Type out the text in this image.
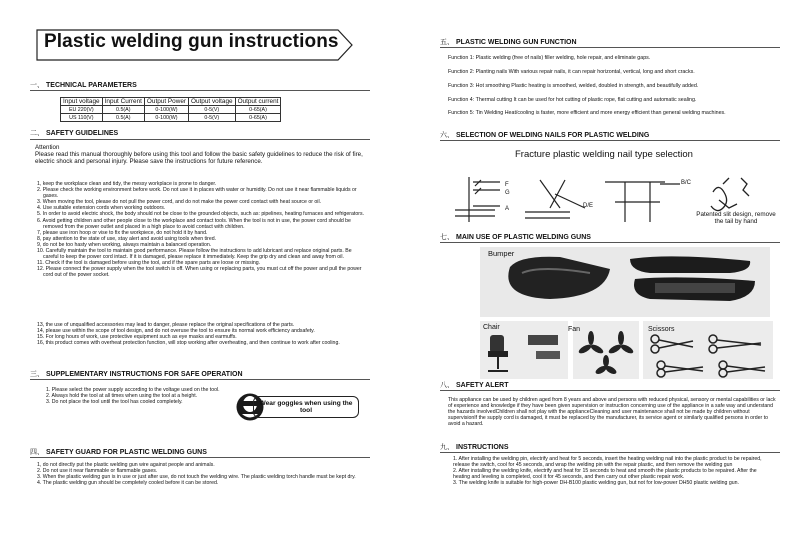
Plastic welding gun instructions
一、 TECHNICAL PARAMETERS
Input voltage	Input Current	Output Power	Output voltage	Output current
EU 220(V)	0.5(A)	0-100(W)	0-5(V)	0-65(A)
US 110(V)	0.5(A)	0-100(W)	0-5(V)	0-65(A)
二、 SAFETY GUIDELINES
Attention
Please read this manual thoroughly before using this tool and follow the basic safety guidelines to reduce the risk of fire, electric shock and personal injury. Please save the instructions for future reference.
1, keep the workplace clean and tidy, the messy workplace is prone to danger.
2. Please check the working environment before work. Do not use it in places with water or humidity. Do not use it near flammable liquids or gases.
3. When moving the tool, please do not pull the power cord, and do not make the power cord contact with heat source or oil.
4. Use suitable extension cords when working outdoors.
5. In order to avoid electric shock, the body should not be close to the grounded objects, such as: pipelines, heating furnaces and refrigerators.
6. Avoid getting children and other people close to the workplace and contact tools. When the tool is not in use, the power cord should be removed from the power outlet and placed in a high place to avoid contact with children.
7, please use iron hoop or vise to fix the workpiece, do not hold it by hand.
8, pay attention to the state of use, stay alert and avoid using tools when tired.
9, do not be too hasty when working, always maintain a balanced operation.
10. Carefully maintain the tool to maintain good performance. Please follow the instructions to add lubricant and replace original parts. Be careful to keep the power cord intact. If it is damaged, please replace it immediately. Keep the grip dry and clean and away from oil.
11. Check if the tool is damaged before using the tool, and if the spare parts are loose or missing.
12. Please connect the power supply when the tool switch is off. When using or replacing parts, you must cut off the power and pull the power cord out of the power socket.
13, the use of unqualified accessories may lead to danger, please replace the original specifications of the parts.
14, please use within the scope of tool design, and do not overuse the tool to ensure its normal work efficiency andsafety.
15. For long hours of work, use protective equipment such as eye masks and earmuffs.
16, this product comes with overheat protection function, will stop working after overheating, and then continue to work after cooling.
三、 SUPPLEMENTARY INSTRUCTIONS FOR SAFE OPERATION
1. Please select the power supply according to the voltage used on the tool.
2. Always hold the tool at all times when using the tool at a height.
3. Do not place the tool until the tool has cooled completely.	Wear goggles when using the tool
四、 SAFETY GUARD FOR PLASTIC WELDING GUNS
1, do not directly put the plastic welding gun wire against people and animals.
2. Do not use it near flammable or flammable gases.
3. When the plastic welding gun is in use or just after use, do not touch the welding wire. The plastic welding torch handle must be kept dry.
4. The plastic welding gun should be completely cooled before it can be stored.
五、 PLASTIC WELDING GUN FUNCTION
Function 1: Plastic welding (free of nails) filler welding, hole repair, and eliminate gaps.
Function 2: Planting nails With various repair nails, it can repair horizontal, vertical, long and short cracks.
Function 3: Hot smoothing Plastic heating is smoothed, welded, doubled in strength, and beautifully added.
Function 4: Thermal cutting It can be used for hot cutting of plastic rope, flat cutting and automatic sealing.
Function 5: Tin Welding Heat/cooling is faster, more efficient and more energy efficient than general welding machines.
六、 SELECTION OF WELDING NAILS FOR PLASTIC WELDING
Fracture plastic welding nail type selection
F
G
A	D/E
B/C
Patented slit design, remove the tail by hand
七、 MAIN USE OF PLASTIC WELDING GUNS
Bumper
Chair	Fan	Scissors
八、 SAFETY ALERT
This appliance can be used by children aged from 8 years and above and persons with reduced physical, sensory or mental capabilities or lack of experience and knowledge if they have been given supervision or instruction concerning use of the appliance in a safe way and understand the hazards involvedChildren shall not play with the applianceCleaning and user maintenance shall not be made by children without supervisionIf the supply cord is damaged, it must be replaced by the manufacturer, its service agent or similarly qualified persons in order to avoid a hazard.
九、 INSTRUCTIONS
1. After installing the welding pin, electrify and heat for 5 seconds, insert the heating welding nail into the plastic product to be repaired, release the switch, cool for 45 seconds, and wrap the welding pin with the repair plastic, and then remove the welding gun
2. After installing the welding knife, electrify and heat for 15 seconds to heat and smooth the plastic products to be repaired. After the heating and leveling is completed, cool it for 45 seconds, and then carry out other plastic repair work.
3. The welding knife is suitable for high-power DH-B100 plastic welding gun, but not for low-power DH50 plastic welding gun.
